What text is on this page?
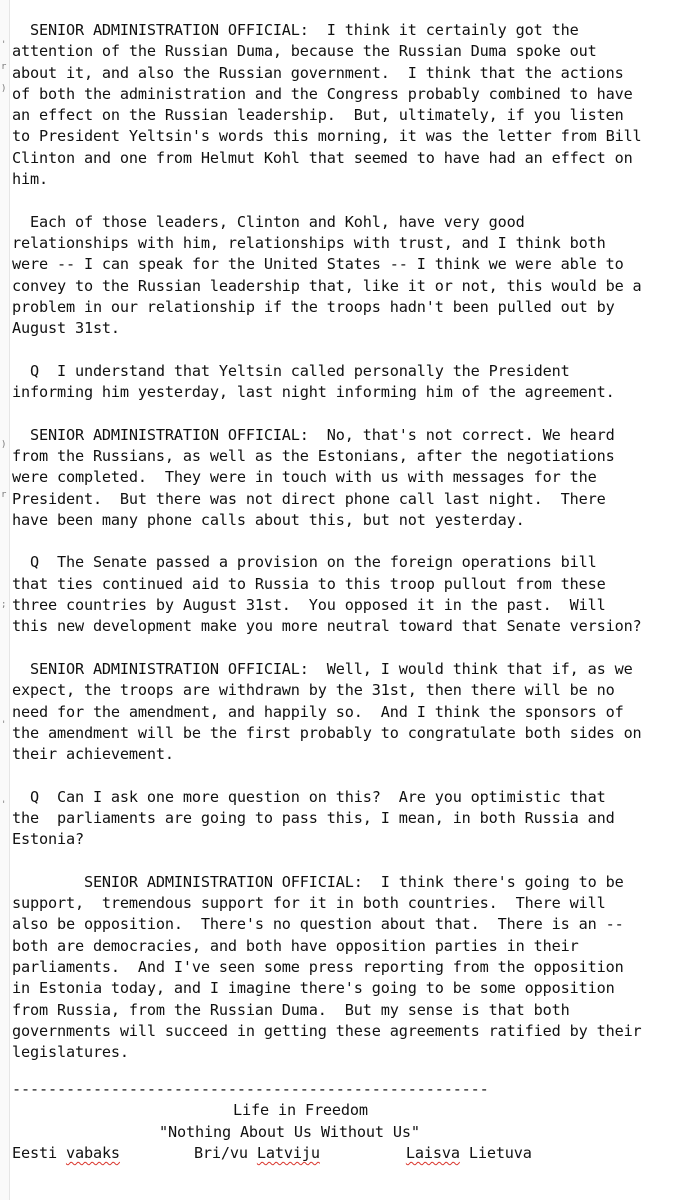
'
r
)
)
r
;
'
'
SENIOR ADMINISTRATION OFFICIAL:  I think it certainly got the
attention of the Russian Duma, because the Russian Duma spoke out
about it, and also the Russian government.  I think that the actions
of both the administration and the Congress probably combined to have
an effect on the Russian leadership.  But, ultimately, if you listen
to President Yeltsin's words this morning, it was the letter from Bill
Clinton and one from Helmut Kohl that seemed to have had an effect on
him.
Each of those leaders, Clinton and Kohl, have very good
relationships with him, relationships with trust, and I think both
were -- I can speak for the United States -- I think we were able to
convey to the Russian leadership that, like it or not, this would be a
problem in our relationship if the troops hadn't been pulled out by
August 31st.
Q  I understand that Yeltsin called personally the President
informing him yesterday, last night informing him of the agreement.
SENIOR ADMINISTRATION OFFICIAL:  No, that's not correct. We heard
from the Russians, as well as the Estonians, after the negotiations
were completed.  They were in touch with us with messages for the
President.  But there was not direct phone call last night.  There
have been many phone calls about this, but not yesterday.
Q  The Senate passed a provision on the foreign operations bill
that ties continued aid to Russia to this troop pullout from these
three countries by August 31st.  You opposed it in the past.  Will
this new development make you more neutral toward that Senate version?
SENIOR ADMINISTRATION OFFICIAL:  Well, I would think that if, as we
expect, the troops are withdrawn by the 31st, then there will be no
need for the amendment, and happily so.  And I think the sponsors of
the amendment will be the first probably to congratulate both sides on
their achievement.
Q  Can I ask one more question on this?  Are you optimistic that
the  parliaments are going to pass this, I mean, in both Russia and
Estonia?
SENIOR ADMINISTRATION OFFICIAL:  I think there's going to be
support,  tremendous support for it in both countries.  There will
also be opposition.  There's no question about that.  There is an --
both are democracies, and both have opposition parties in their
parliaments.  And I've seen some press reporting from the opposition
in Estonia today, and I imagine there's going to be some opposition
from Russia, from the Russian Duma.  But my sense is that both
governments will succeed in getting these agreements ratified by their
legislatures.
-----------------------------------------------------
Life in Freedom
"Nothing About Us Without Us"
Eesti vabaks	Bri/vu Latviju	Laisva Lietuva
